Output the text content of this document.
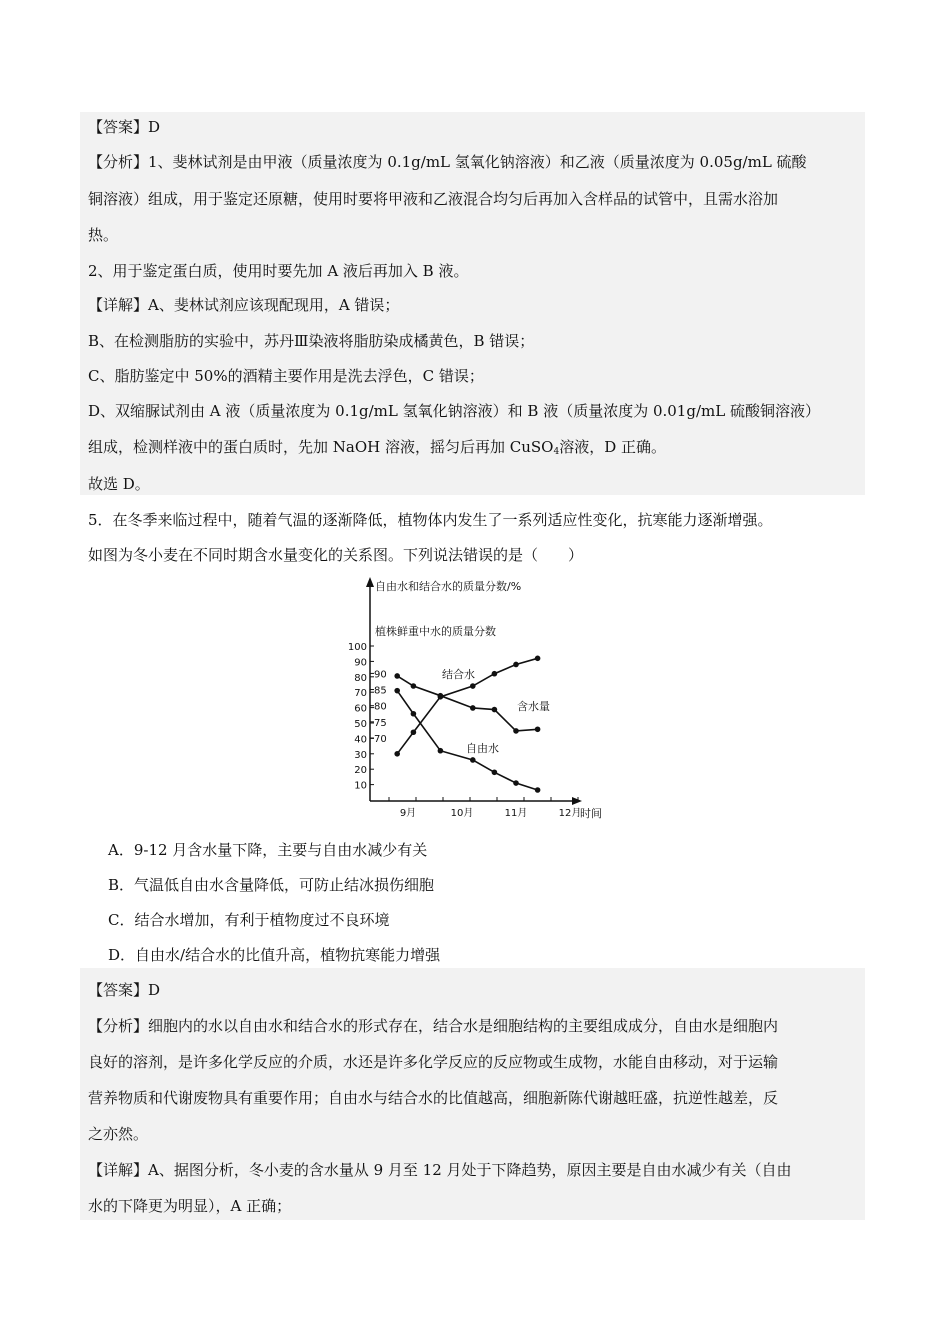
【答案】D
【分析】1、斐林试剂是由甲液（质量浓度为 0.1g/mL 氢氧化钠溶液）和乙液（质量浓度为 0.05g/mL 硫酸
铜溶液）组成，用于鉴定还原糖，使用时要将甲液和乙液混合均匀后再加入含样品的试管中，且需水浴加
热。
2、用于鉴定蛋白质，使用时要先加 A 液后再加入 B 液。
【详解】A、斐林试剂应该现配现用，A 错误；
B、在检测脂肪的实验中，苏丹Ⅲ染液将脂肪染成橘黄色，B 错误；
C、脂肪鉴定中 50%的酒精主要作用是洗去浮色，C 错误；
D、双缩脲试剂由 A 液（质量浓度为 0.1g/mL 氢氧化钠溶液）和 B 液（质量浓度为 0.01g/mL 硫酸铜溶液）
组成，检测样液中的蛋白质时，先加 NaOH 溶液，摇匀后再加 CuSO$_4$溶液，D 正确。
故选 D。
5．在冬季来临过程中，随着气温的逐渐降低，植物体内发生了一系列适应性变化，抗寒能力逐渐增强。
如图为冬小麦在不同时期含水量变化的关系图。下列说法错误的是（　　）
自由水和结合水的质量分数/%
植株鲜重中水的质量分数
时间
10
20
30
40
50
60
70
80
90
100
70
75
80
85
90
9月	10月	11月	12月
结合水
含水量
自由水
A．9-12 月含水量下降，主要与自由水减少有关
B．气温低自由水含量降低，可防止结冰损伤细胞
C．结合水增加，有利于植物度过不良环境
D．自由水/结合水的比值升高，植物抗寒能力增强
【答案】D
【分析】细胞内的水以自由水和结合水的形式存在，结合水是细胞结构的主要组成成分，自由水是细胞内
良好的溶剂，是许多化学反应的介质，水还是许多化学反应的反应物或生成物，水能自由移动，对于运输
营养物质和代谢废物具有重要作用；自由水与结合水的比值越高，细胞新陈代谢越旺盛，抗逆性越差，反
之亦然。
【详解】A、据图分析，冬小麦的含水量从 9 月至 12 月处于下降趋势，原因主要是自由水减少有关（自由
水的下降更为明显），A 正确；
